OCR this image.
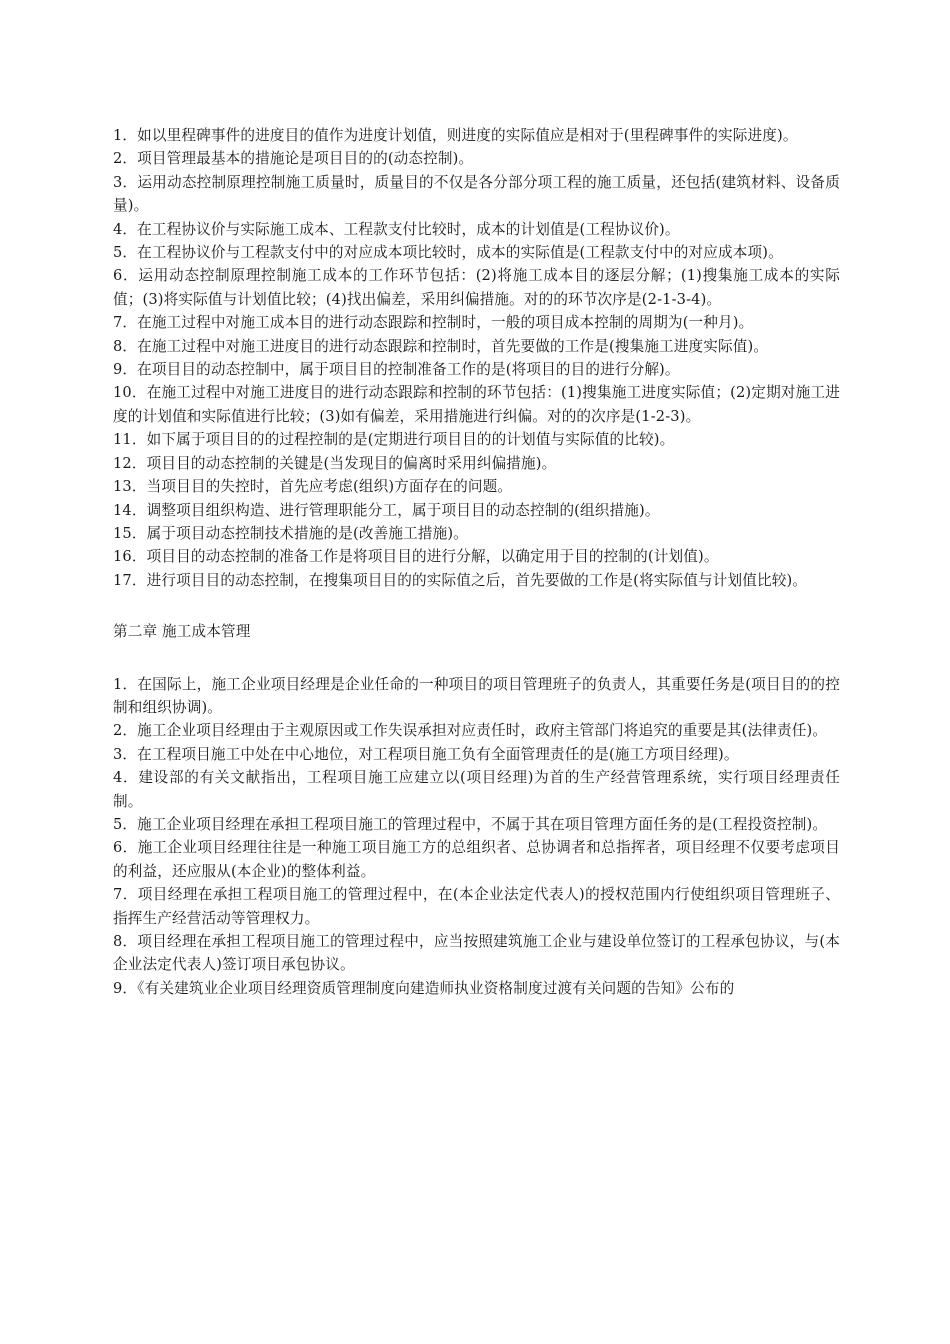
1．如以里程碑事件的进度目的值作为进度计划值，则进度的实际值应是相对于(里程碑事件的实际进度)。

2．项目管理最基本的措施论是项目目的的(动态控制)。

3．运用动态控制原理控制施工质量时，质量目的不仅是各分部分项工程的施工质量，还包括(建筑材料、设备质量)。

4．在工程协议价与实际施工成本、工程款支付比较时，成本的计划值是(工程协议价)。

5．在工程协议价与工程款支付中的对应成本项比较时，成本的实际值是(工程款支付中的对应成本项)。

6．运用动态控制原理控制施工成本的工作环节包括：(2)将施工成本目的逐层分解；(1)搜集施工成本的实际值；(3)将实际值与计划值比较；(4)找出偏差，采用纠偏措施。对的的环节次序是(2-1-3-4)。

7．在施工过程中对施工成本目的进行动态跟踪和控制时，一般的项目成本控制的周期为(一种月)。

8．在施工过程中对施工进度目的进行动态跟踪和控制时，首先要做的工作是(搜集施工进度实际值)。

9．在项目目的动态控制中，属于项目目的控制准备工作的是(将项目的目的进行分解)。

10．在施工过程中对施工进度目的进行动态跟踪和控制的环节包括：(1)搜集施工进度实际值；(2)定期对施工进度的计划值和实际值进行比较；(3)如有偏差，采用措施进行纠偏。对的的次序是(1-2-3)。

11．如下属于项目目的的过程控制的是(定期进行项目目的的计划值与实际值的比较)。

12．项目目的动态控制的关键是(当发现目的偏离时采用纠偏措施)。

13．当项目目的失控时，首先应考虑(组织)方面存在的问题。

14．调整项目组织构造、进行管理职能分工，属于项目目的动态控制的(组织措施)。

15．属于项目动态控制技术措施的是(改善施工措施)。

16．项目目的动态控制的准备工作是将项目目的进行分解，以确定用于目的控制的(计划值)。

17．进行项目目的动态控制，在搜集项目目的的实际值之后，首先要做的工作是(将实际值与计划值比较)。

第二章 施工成本管理

1．在国际上，施工企业项目经理是企业任命的一种项目的项目管理班子的负责人，其重要任务是(项目目的的控制和组织协调)。

2．施工企业项目经理由于主观原因或工作失误承担对应责任时，政府主管部门将追究的重要是其(法律责任)。

3．在工程项目施工中处在中心地位，对工程项目施工负有全面管理责任的是(施工方项目经理)。

4．建设部的有关文献指出，工程项目施工应建立以(项目经理)为首的生产经营管理系统，实行项目经理责任制。

5．施工企业项目经理在承担工程项目施工的管理过程中，不属于其在项目管理方面任务的是(工程投资控制)。

6．施工企业项目经理往往是一种施工项目施工方的总组织者、总协调者和总指挥者，项目经理不仅要考虑项目的利益，还应服从(本企业)的整体利益。

7．项目经理在承担工程项目施工的管理过程中，在(本企业法定代表人)的授权范围内行使组织项目管理班子、指挥生产经营活动等管理权力。

8．项目经理在承担工程项目施工的管理过程中，应当按照建筑施工企业与建设单位签订的工程承包协议，与(本企业法定代表人)签订项目承包协议。

9．《有关建筑业企业项目经理资质管理制度向建造师执业资格制度过渡有关问题的告知》公布的
